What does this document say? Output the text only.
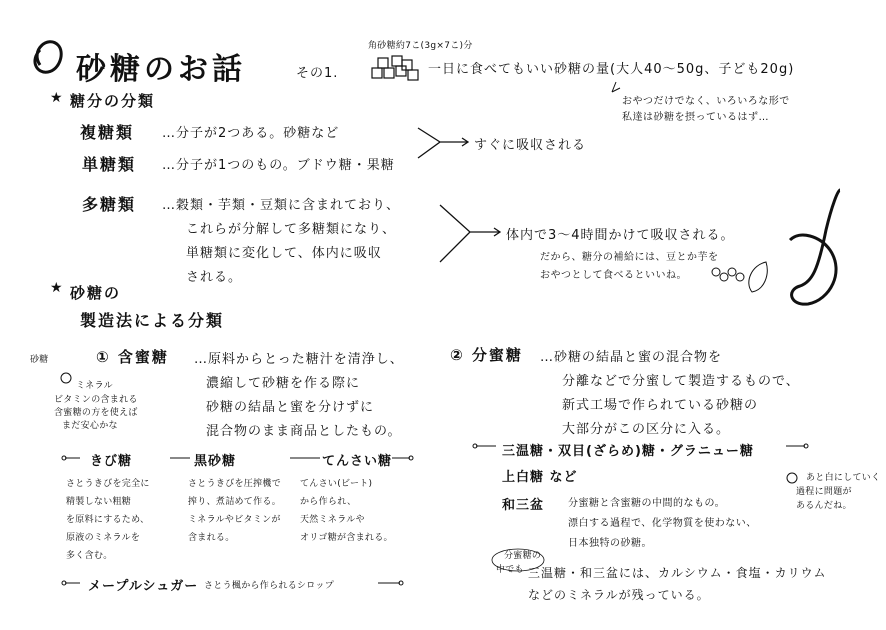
★
★
砂糖のお話	その1.
角砂糖約7こ(3g×7こ)分
一日に食べてもいい砂糖の量(大人40〜50g、子ども20g)
おやつだけでなく、いろいろな形で
私達は砂糖を摂っているはず…
糖分の分類
複糖類 …分子が2つある。砂糖など
単糖類 …分子が1つのもの。ブドウ糖・果糖
多糖類 …穀類・芋類・豆類に含まれており、
これらが分解して多糖類になり、
単糖類に変化して、体内に吸収
される。
すぐに吸収される
体内で3〜4時間かけて吸収される。
だから、糖分の補給には、豆とか芋を
おやつとして食べるといいね。
砂糖の
製造法による分類
砂糖
ミネラル
ビタミンの含まれる
含蜜糖の方を使えば
まだ安心かな
① 含蜜糖 …原料からとった糖汁を清浄し、
濃縮して砂糖を作る際に
砂糖の結晶と蜜を分けずに
混合物のまま商品としたもの。
きび糖
さとうきびを完全に
精製しない粗糖
を原料にするため、
原液のミネラルを
多く含む。
黒砂糖
さとうきびを圧搾機で
搾り、煮詰めて作る。
ミネラルやビタミンが
含まれる。
てんさい糖
てんさい(ビート)
から作られ、
天然ミネラルや
オリゴ糖が含まれる。
メープルシュガー さとう楓から作られるシロップ
② 分蜜糖 …砂糖の結晶と蜜の混合物を
分離などで分蜜して製造するもので、
新式工場で作られている砂糖の
大部分がこの区分に入る。
三温糖・双目(ざらめ)糖・グラニュー糖
上白糖 など
和三盆 分蜜糖と含蜜糖の中間的なもの。
漂白する過程で、化学物質を使わない、
日本独特の砂糖。
あと白にしていく
過程に問題が
あるんだね。
分蜜糖の
中でも 三温糖・和三盆には、カルシウム・食塩・カリウム
などのミネラルが残っている。
